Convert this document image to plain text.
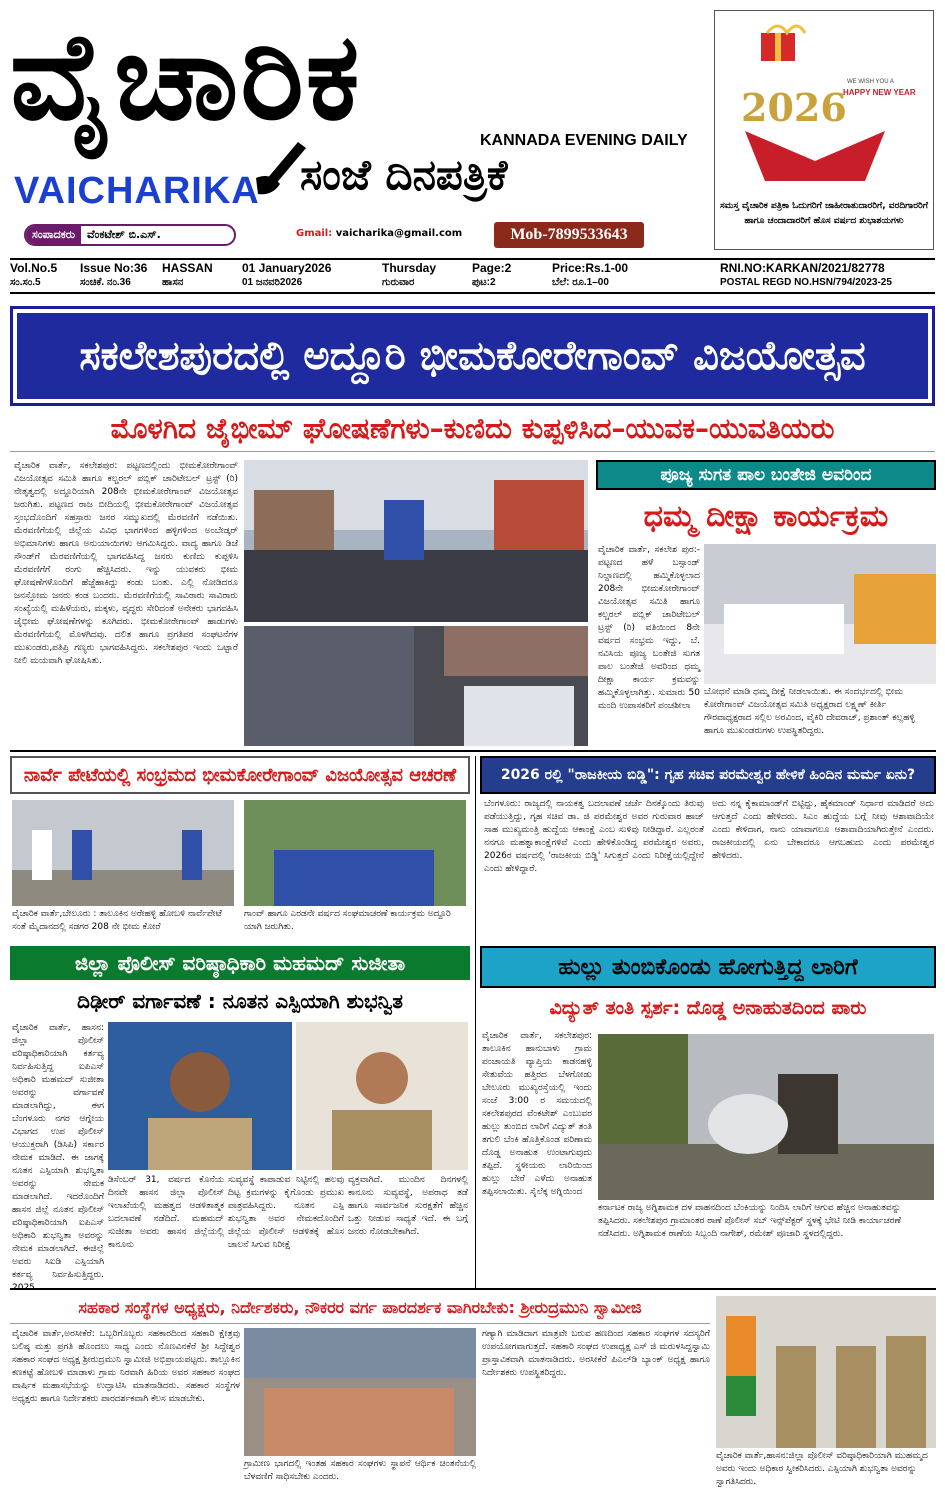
ವೈಚಾರಿಕ	KANNADA EVENING DAILY
ಸಂಜೆ ದಿನಪತ್ರಿಕೆ
VAICHARIKA
ಸಂಪಾದಕರು	ವೆಂಕಟೇಶ್ ಬಿ.ಎಸ್.	Gmail: vaicharika@gmail.com	Mob-7899533643
2026
WE WISH YOU A
HAPPY NEW YEAR
ಸಮಸ್ತ ವೈಚಾರಿಕ ಪತ್ರಿಕಾ ಓದುಗರಿಗೆ ಜಾಹೀರಾತುದಾರರಿಗೆ, ವರದಿಗಾರರಿಗೆ ಹಾಗೂ ಚಂದಾದಾರರಿಗೆ ಹೊಸ ವರ್ಷದ ಶುಭಾಶಯಗಳು
Vol.No.5	Issue No:36	HASSAN	01 January2026	Thursday	Page:2	Price:Rs.1-00
ಸಂ.ಸಂ.5	ಸಂಚಿಕೆ. ನಂ.36	ಹಾಸನ	01 ಜನವರಿ2026	ಗುರುವಾರ	ಪುಟ:2	ಬೆಲೆ: ರೂ.1–00
RNI.NO:KARKAN/2021/82778
POSTAL REGD NO.HSN/794/2023-25
ಸಕಲೇಶಪುರದಲ್ಲಿ ಅದ್ದೂರಿ ಭೀಮಕೋರೇಗಾಂವ್ ವಿಜಯೋತ್ಸವ
ಮೊಳಗಿದ ಜೈಭೀಮ್ ಘೋಷಣೆಗಳು–ಕುಣಿದು ಕುಪ್ಪಳಿಸಿದ–ಯುವಕ–ಯುವತಿಯರು
ವೈಚಾರಿಕ ವಾರ್ತೆ, ಸಕಲೇಶಪುರ: ಪಟ್ಟಣದಲ್ಲಿಂದು ಭೀಮಕೋರೇಗಾಂವ್ ವಿಜಯೋತ್ಸವ ಸಮಿತಿ ಹಾಗೂ ಕಲ್ಚರಲ್ ಪಬ್ಲಿಕ್ ಚಾರಿಟೇಬಲ್ ಟ್ರಸ್ಟ್ (ರಿ) ನೇತೃತ್ವದಲ್ಲಿ ಅದ್ದೂರಿಯಾಗಿ 208ನೇ ಭೀಮಕೋರೇಗಾಂವ್ ವಿಜಯೋತ್ಸವ ಜರುಗಿತು. ಪಟ್ಟಣದ ರಾಜ ಬೀದಿಯಲ್ಲಿ ಭೀಮಕೋರೇಗಾಂವ್ ವಿಜಯೋತ್ಸವ ಸ್ತಂಭದೊಂದಿಗೆ ಸಹಸ್ರಾರು ಜನರ ಸಮ್ಮುಖದಲ್ಲಿ ಮೆರವಣಿಗೆ ನಡೆಯಿತು. ಮೆರವಣಿಗೆಯಲ್ಲಿ ಜಿಲ್ಲೆಯ ವಿವಿಧ ಭಾಗಗಳಿಂದ ಹಳ್ಳಿಗಳಿಂದ ಅಂಬೇಡ್ಕರ್ ಅಭಿಮಾನಿಗಳು ಹಾಗೂ ಅನುಯಾಯಿಗಳು ಆಗಮಿಸಿದ್ದರು. ವಾದ್ಯ ಹಾಗೂ ಡಿಜೆ ಸೌಂಡ್‌ಗೆ ಮೆರವಣಿಗೆಯಲ್ಲಿ ಭಾಗವಹಿಸಿದ್ದ ಜನರು ಕುಣಿದು ಕುಪ್ಪಳಿಸಿ ಮೆರವಣಿಗೆಗೆ ರಂಗು ಹೆಚ್ಚಿಸಿದರು. ಇನ್ನು ಯುವಕರು ಭೀಮ ಘೋಷಣೆಗಳೊಂದಿಗೆ ಹೆಜ್ಜೆಹಾಕಿದ್ದು ಕಂಡು ಬಂತು. ಎಲ್ಲಿ ನೋಡಿದರೂ ಜನಸ್ತೋಮ ಜನರು ಕಂಡ ಬಂದರು. ಮೆರವಣಿಗೆಯಲ್ಲಿ ಸಾವಿರಾರು ಸಾವಿರಾರು ಸಂಖ್ಯೆಯಲ್ಲಿ ಮಹಿಳೆಯರು, ಮಕ್ಕಳು, ವೃದ್ಧರು ಸೇರಿದಂತೆ ಅನೇಕರು ಭಾಗವಹಿಸಿ ಜೈಭೀಮ ಘೋಷಣೆಗಳನ್ನು ಕೂಗಿದರು. ಭೀಮಕೋರೇಗಾಂವ್ ಹಾಡುಗಳು ಮೆರವಣಿಗೆಯಲ್ಲಿ ಮೊಳಗಿದವು. ದಲಿತ ಹಾಗೂ ಪ್ರಗತಿಪರ ಸಂಘಟನೆಗಳ ಮುಖಂಡರು,ಪತಿಪ್ರಿ ಗಣ್ಯರು ಭಾಗವಹಿಸಿದ್ದರು. ಸಕಲೇಶಪುರ ಇಂದು ಒಟ್ಟಾರೆ ನೀಲಿ ಮಯವಾಗಿ ಘೋಷಿಸಿತು.
ಪೂಜ್ಯ ಸುಗತ ಪಾಲ ಬಂತೇಜಿ ಅವರಿಂದ
ಧಮ್ಮ ದೀಕ್ಷಾ ಕಾರ್ಯಕ್ರಮ
ವೈಚಾರಿಕ ವಾರ್ತೆ, ಸಕಲೇಶ ಪುರ:-ಪಟ್ಟಣದ ಹಳೆ ಬಸ್ಸಾಂಡ್ ನಿಲ್ದಾಣದಲ್ಲಿ ಹಮ್ಮಿಕೊಳ್ಳಲಾದ 208ನೇ ಭೀಮಕೋರೇಗಾಂವ್ ವಿಜಯೋತ್ಸವ ಸಮಿತಿ ಹಾಗೂ ಕಲ್ಚರಲ್ ಪಬ್ಲಿಕ್ ಚಾರಿಟೇಬಲ್ ಟ್ರಸ್ಟ್ (ರಿ) ವತಿಯಿಂದ 8ನೇ ವರ್ಷದ ಸಂಭ್ರಮ ಇದ್ದು, ಬೆ. ನವಿಸಿಯ ಪೂಜ್ಯ ಬಂತೇಜಿ ಸುಗತ ಪಾಲ ಬಂತೇಜಿ ಅವರಿಂದ ಧಮ್ಮ ದೀಕ್ಷಾ ಕಾರ್ಯ ಕ್ರಮವನ್ನು ಹಮ್ಮಿಕೊಳ್ಳಲಾಗಿತ್ತು. ಸುಮಾರು 50 ಮಂದಿ ಉಪಾಸಕರಿಗೆ ಪಂಚಶೀಲಾ
ಬೋಧನೆ ಮಾಡಿ ಧಮ್ಮ ದೀಕ್ಷೆ ನೀಡಲಾಯಿತು. ಈ ಸಂದರ್ಭದಲ್ಲಿ ಭೀಮ ಕೋರೇಗಾಂವ್ ವಿಜಯೋತ್ಸವ ಸಮಿತಿ ಅಧ್ಯಕ್ಷರಾದ ಲಕ್ಷ್ಮಣ್ ಕೀರ್ತಿ ಗೌರವಾಧ್ಯಕ್ಷರಾದ ಸಲ್ಲಿಲ ಅರವಿಂದ, ವೈಕಿರಿ ದೇವರಾಜ್, ಪ್ರಶಾಂತ್ ಕಲ್ಲಹಳ್ಳಿ ಹಾಗೂ ಮುಖಂಡರುಗಳು ಉಪಸ್ಥಿತರಿದ್ದರು.
ನಾರ್ವೆ ಪೇಟೆಯಲ್ಲಿ ಸಂಭ್ರಮದ ಭೀಮಕೋರೇಗಾಂವ್ ವಿಜಯೋತ್ಸವ ಆಚರಣೆ
ವೈಚಾರಿಕ ವಾರ್ತೆ,ಬೇಲೂರು : ತಾಲೂಕಿನ ಅರೇಹಳ್ಳಿ ಹೋಬಳಿ ನಾರ್ವೆಪೇಟೆ ಸಂತೆ ಮೈದಾನದಲ್ಲಿ ಸಡಗರ 208 ನೇ ಭೀಮ ಕೋರೆ
ಗಾಂವ್ ಹಾಗೂ ಎರಡನೇ ವರ್ಷದ ಸಂಘಮಾಚರಣೆ ಕಾರ್ಯಕ್ರಮ ಅದ್ದೂರಿ ಯಾಗಿ ಜರುಗಿತು.
2026 ರಲ್ಲಿ "ರಾಜಕೀಯ ಬಿಡ್ಡಿ": ಗೃಹ ಸಚಿವ ಪರಮೇಶ್ವರ ಹೇಳಿಕೆ ಹಿಂದಿನ ಮರ್ಮ ಏನು?
ಬೆಂಗಳೂರು: ರಾಜ್ಯದಲ್ಲಿ ನಾಯಕತ್ವ ಬದಲಾವಣೆ ಚರ್ಚೆ ದಿನಕ್ಕೊಂದು ತಿರುವು ಪಡೆಯುತ್ತಿದ್ದು, ಗೃಹ ಸಚಿವ ಡಾ. ಜಿ ಪರಮೇಶ್ವರ ಅವರ ಗುರುವಾರ ಹಾಜ್ ಸಾಹ ಮುಖ್ಯಮಂತ್ರಿ ಹುದ್ದೆಯ ಆಕಾಂಕ್ಷೆ ಎಂಬ ಸುಳಿವು ನೀಡಿದ್ದಾರೆ. ಎಲ್ಲರಂತೆ ನನಗೂ ಮಹತ್ವಾಕಾಂಕ್ಷೆಗಳಿವೆ ಎಂದು ಹೇಳಿಕೊಂಡಿದ್ದ ಪರಮೇಶ್ವರ ಅವರು, 2026ರ ವರ್ಷದಲ್ಲಿ 'ರಾಜಕೀಯ ಬಿಡ್ಡಿ' ಸಿಗುತ್ತದೆ ಎಂದು ನಿರೀಕ್ಷೆಯಲ್ಲಿದ್ದೇನೆ ಎಂದು ಹೇಳಿದ್ದಾರೆ.
ಅದು ನನ್ನ ಕೈಕಾಮಾಂಡ್‌ಗೆ ಬಿಟ್ಟಿದ್ದು, ಹೈಕಮಾಂಡ್ ನಿರ್ಧಾರ ಮಾಡಿದರೆ ಅದು ಆಗುತ್ತದೆ ಎಂದು ಹೇಳಿದರು. ಸಿಎಂ ಹುದ್ದೆಯ ಬಗ್ಗೆ ನೀವು ಆಶಾವಾದಿಯೇ ಎಂದು ಕೇಳಿದಾಗ, ನಾನು ಯಾವಾಗಲೂ ಆಶಾವಾದಿಯಾಗಿರುತ್ತೇನೆ ಎಂದರು. ರಾಜಕೀಯದಲ್ಲಿ ಏನು ಬೇಕಾದರೂ ಆಗಬಹುದು ಎಂದು ಪರಮೇಶ್ವರ ಹೇಳಿದರು.
ಜಿಲ್ಲಾ ಪೊಲೀಸ್ ವರಿಷ್ಠಾಧಿಕಾರಿ ಮಹಮದ್ ಸುಜೀತಾ
ದಿಢೀರ್ ವರ್ಗಾವಣೆ : ನೂತನ ಎಸ್ಪಿಯಾಗಿ ಶುಭನ್ವಿತ
ವೈಚಾರಿಕ ವಾರ್ತೆ, ಹಾಸನ: ಜಿಲ್ಲಾ ಪೊಲೀಸ್ ವರಿಷ್ಠಾಧಿಕಾರಿಯಾಗಿ ಕರ್ತವ್ಯ ನಿರ್ವಹಿಸುತ್ತಿದ್ದ ಐಪಿಎಸ್ ಅಧಿಕಾರಿ ಮಹಮದ್ ಸುಜೀತಾ ಅವರನ್ನು ವರ್ಗಾವಣೆ ಮಾಡಲಾಗಿದ್ದು, ಈಗ ಬೆಂಗಳೂರು ನಗರ ಆಗ್ನೇಯ ವಿಭಾಗದ ಉಪ ಪೊಲೀಸ್ ಆಯುಕ್ತರಾಗಿ (ಡಿಸಿಪಿ) ಸರ್ಕಾರ ನೇಮಕ ಮಾಡಿದೆ. ಈ ಜಾಗಕ್ಕೆ ನೂತನ ಎಸ್ಪಿಯಾಗಿ ಶುಭನ್ವಿತಾ ಅವರನ್ನು ನೇಮಕ ಮಾಡಲಾಗಿದೆ. ಇದರೊಂದಿಗೆ ಹಾಸನ ಜಿಲ್ಲೆ ನೂತನ ಪೊಲೀಸ್ ವರಿಷ್ಠಾಧಿಕಾರಿಯಾಗಿ ಐಪಿಎಸ್ ಅಧಿಕಾರಿ ಶುಭನ್ವಿತಾ ಅವರನ್ನು ನೇಮಕ ಮಾಡಲಾಗಿದೆ. ಈಜಿಲ್ಲೆ ಅವರು ಸಿಐಡಿ ಎಸ್ಪಿಯಾಗಿ ಕರ್ತವ್ಯ ನಿರ್ವಹಿಸುತ್ತಿದ್ದರು.
ಡಿಸೆಂಬರ್ 31, ವರ್ಷದ ಕೊನೆಯ ದಿನವೇ ಹಾಸನ ಜಿಲ್ಲಾ ಪೊಲೀಸ್ ಇಲಾಖೆಯಲ್ಲಿ ಮಹತ್ವದ ಆಡಳಿತಾತ್ಮಕ ಬದಲಾವಣೆ ನಡೆದಿದೆ. ಮಹಮದ್ ಸುಜೀತಾ ಅವರು ಹಾಸನ ಜಿಲ್ಲೆಯಲ್ಲಿ ಕಾನೂನು
ಸುವ್ಯವಸ್ಥೆ ಕಾಪಾಡುವ ನಿಟ್ಟಿನಲ್ಲಿ ಹಲವು ದಿಟ್ಟ ಕ್ರಮಗಳನ್ನು ಕೈಗೊಂಡು ಪ್ರಮುಖ ಪಾತ್ರವಹಿಸಿದ್ದರು. ನೂತನ ಎಸ್ಪಿ ಶುಭನ್ವಿತಾ ಅವರ ನೇಮಕದೊಂದಿಗೆ ಜಿಲ್ಲೆಯ ಪೊಲೀಸ್ ಆಡಳಿತಕ್ಕೆ ಹೊಸ ಚಾಲನೆ ಸಿಗುವ ನಿರೀಕ್ಷೆ
ವ್ಯಕ್ತವಾಗಿದೆ. ಮುಂದಿನ ದಿನಗಳಲ್ಲಿ ಕಾನೂನು ಸುವ್ಯವಸ್ಥೆ, ಅಪರಾಧ ತಡೆ ಹಾಗೂ ಸಾರ್ವಜನಿಕ ಸುರಕ್ಷತೆಗೆ ಹೆಚ್ಚಿನ ಒತ್ತು ನೀಡುವ ಸಾಧ್ಯತೆ ಇದೆ. ಈ ಬಗ್ಗೆ ಜನರು ನೋಡಬೇಕಾಗಿದೆ.
ಹುಲ್ಲು ತುಂಬಿಕೊಂಡು ಹೋಗುತ್ತಿದ್ದ ಲಾರಿಗೆ
ವಿದ್ಯುತ್ ತಂತಿ ಸ್ಪರ್ಶ: ದೊಡ್ಡ ಅನಾಹುತದಿಂದ ಪಾರು
ವೈಚಾರಿಕ ವಾರ್ತೆ, ಸಕಲೇಶಪುರ: ತಾಲೂಕಿನ ಹಾನುಬಾಳು ಗ್ರಾಮ ಪಂಚಾಯತಿ ವ್ಯಾಪ್ತಿಯ ಕಾಡನಹಳ್ಳಿ ಸೇತುವೆಯ ಹತ್ತಿರದ ಬೆಳಗೋಡು ಬೇಲೂರು ಮುಖ್ಯರಸ್ತೆಯಲ್ಲಿ ಇಂದು ಸಂಜೆ 3:00 ರ ಸಮಯದಲ್ಲಿ ಸಕಲೇಶಪುರದ ವೆಂಕಟೇಶ್ ಎಂಬುವರ ಹುಲ್ಲು ತುಂಬಿದ ಲಾರಿಗೆ ವಿದ್ಯುತ್ ತಂತಿ ತಗುಲಿ ಬೆಂಕಿ ಹೊತ್ತಿಕೊಂಡ ಪರಿಣಾಮ ದೊಡ್ಡ ಅನಾಹುತ ಉಂಟಾಗುವುದು ತಪ್ಪಿದೆ. ಸ್ಥಳೀಯರು ಲಾರಿಯಿಂದ ಹುಲ್ಲು ಬೇರೆ ಎಳೆದು ಅನಾಹುತ ತಪ್ಪಿಸಲಾಯಿತು. ಸೈಲೆಕ್ಕ ಅಗ್ನಿಯಿಂದ
ಕರ್ನಾಟಕ ರಾಜ್ಯ ಅಗ್ನಿಶಾಮಕ ದಳ ವಾಹನದಿಂದ ಬೆಂಕಿಯನ್ನು ನಿಂದಿಸಿ ಲಾರಿಗೆ ಆಗುವ ಹೆಚ್ಚಿನ ಅನಾಹುತವನ್ನು ತಪ್ಪಿಸಿದರು. ಸಕಲೇಶಪುರ ಗ್ರಾಮಾಂತರ ಠಾಣೆ ಪೊಲೀಸ್ ಸಬ್ ಇನ್ಸ್‌ಪೆಕ್ಟರ್ ಸ್ಥಳಕ್ಕೆ ಭೇಟಿ ನೀಡಿ ಕಾರ್ಯಾಚರಣೆ ನಡೆಸಿದರು. ಅಗ್ನಿಶಾಮಕ ಠಾಣೆಯ ಸಿಬ್ಬಂದಿ ನಾಗೇಶ್, ರಮೇಶ್ ಪೂಜಾರಿ ಸ್ಥಳದಲ್ಲಿದ್ದರು.
ಸಹಕಾರ ಸಂಸ್ಥೆಗಳ ಅಧ್ಯಕ್ಷರು, ನಿರ್ದೇಶಕರು, ನೌಕರರ ವರ್ಗ ಪಾರದರ್ಶಕ ವಾಗಿರಬೇಕು: ಶ್ರೀರುದ್ರಮುನಿ ಸ್ವಾಮೀಜಿ
ವೈಚಾರಿಕ ವಾರ್ತೆ,ಅರಸೀಕೆರೆ: ಒಬ್ಬರಿಗೊಬ್ಬರು ಸಹಕಾರದಿಂದ ಸಹಕಾರಿ ಕ್ಷೇತ್ರವು ಬಲಿಷ್ಠ ಮತ್ತು ಪ್ರಗತಿ ಹೊಂದಲು ಸಾಧ್ಯ ಎಂದು ನೊಣವಿನಕೆರೆ ಶ್ರೀ ಸಿದ್ಧೇಶ್ವರ ಸಹಕಾರ ಸಂಘದ ಅಧ್ಯಕ್ಷ ಶ್ರೀರುದ್ರಮುನಿ ಸ್ವಾಮೀಜಿ ಅಭಿಪ್ರಾಯಪಟ್ಟರು. ತಾಲ್ಲೂಕಿನ ಕಣಕಟ್ಟೆ ಹೋಬಳಿ ಮಾಡಾಳು ಗ್ರಾಮ ನಿರವಾಗಿ ಹಿರಿಯ ಅವರ ಸಹಕಾರ ಸಂಘದ ವಾರ್ಷಿಕ ಮಹಾಸಭೆಯನ್ನು ಉದ್ಘಾಟಿಸಿ ಮಾತನಾಡಿದರು. ಸಹಕಾರ ಸಂಸ್ಥೆಗಳ ಅಧ್ಯಕ್ಷರು ಹಾಗೂ ನಿರ್ದೇಶಕರು ಪಾರದರ್ಶಕವಾಗಿ ಕೆಲಸ ಮಾಡಬೇಕು.
ಗ್ರಾಮೀಣ ಭಾಗದಲ್ಲಿ ಇಂತಹ ಸಹಕಾರ ಸಂಘಗಳು ಸ್ಥಾಪನೆ ಆರ್ಥಿಕ ಚಿಂತನೆಯಲ್ಲಿ ಬೆಳವಣಿಗೆ ಸಾಧಿಸಬೇಕು ಎಂದರು.
ಗಣ್ಯಾಗಿ ಮಾಡಿದಾಗ ಮಾತ್ರವೇ ಬರುವ ಹಣದಿಂದ ಸಹಕಾರ ಸಂಘಗಳ ಸದಸ್ಯರಿಗೆ ಉಪಯೋಗವಾಗುತ್ತದೆ. ಸಹಕಾರಿ ಸಂಘದ ಉಪಾಧ್ಯಕ್ಷ ಎಸ್ ಜಿ ಮರುಳಸಿದ್ದಸ್ವಾಮಿ ಪ್ರಾಸ್ತಾವಿಕವಾಗಿ ಮಾತನಾಡಿದರು. ಅರಸೀಕೆರೆ ಪಿಎಲ್‌ಡಿ ಬ್ಯಾಂಕ್ ಅಧ್ಯಕ್ಷ ಹಾಗೂ ನಿರ್ದೇಶಕರು ಉಪಸ್ಥಿತರಿದ್ದರು.
ವೈಚಾರಿಕ ವಾರ್ತೆ,ಹಾಸನ:ಜಿಲ್ಲಾ ಪೊಲೀಸ್ ವರಿಷ್ಠಾಧಿಕಾರಿಯಾಗಿ ಮುಹಮ್ಮದ ಅವರು ಇಂದು ಅಧಿಕಾರ ಸ್ವೀಕರಿಸಿದರು. ಎಸ್ಪಿಯಾಗಿ ಶುಭನ್ವಿತಾ ಅವರನ್ನು ಸ್ವಾಗತಿಸಿದರು.
